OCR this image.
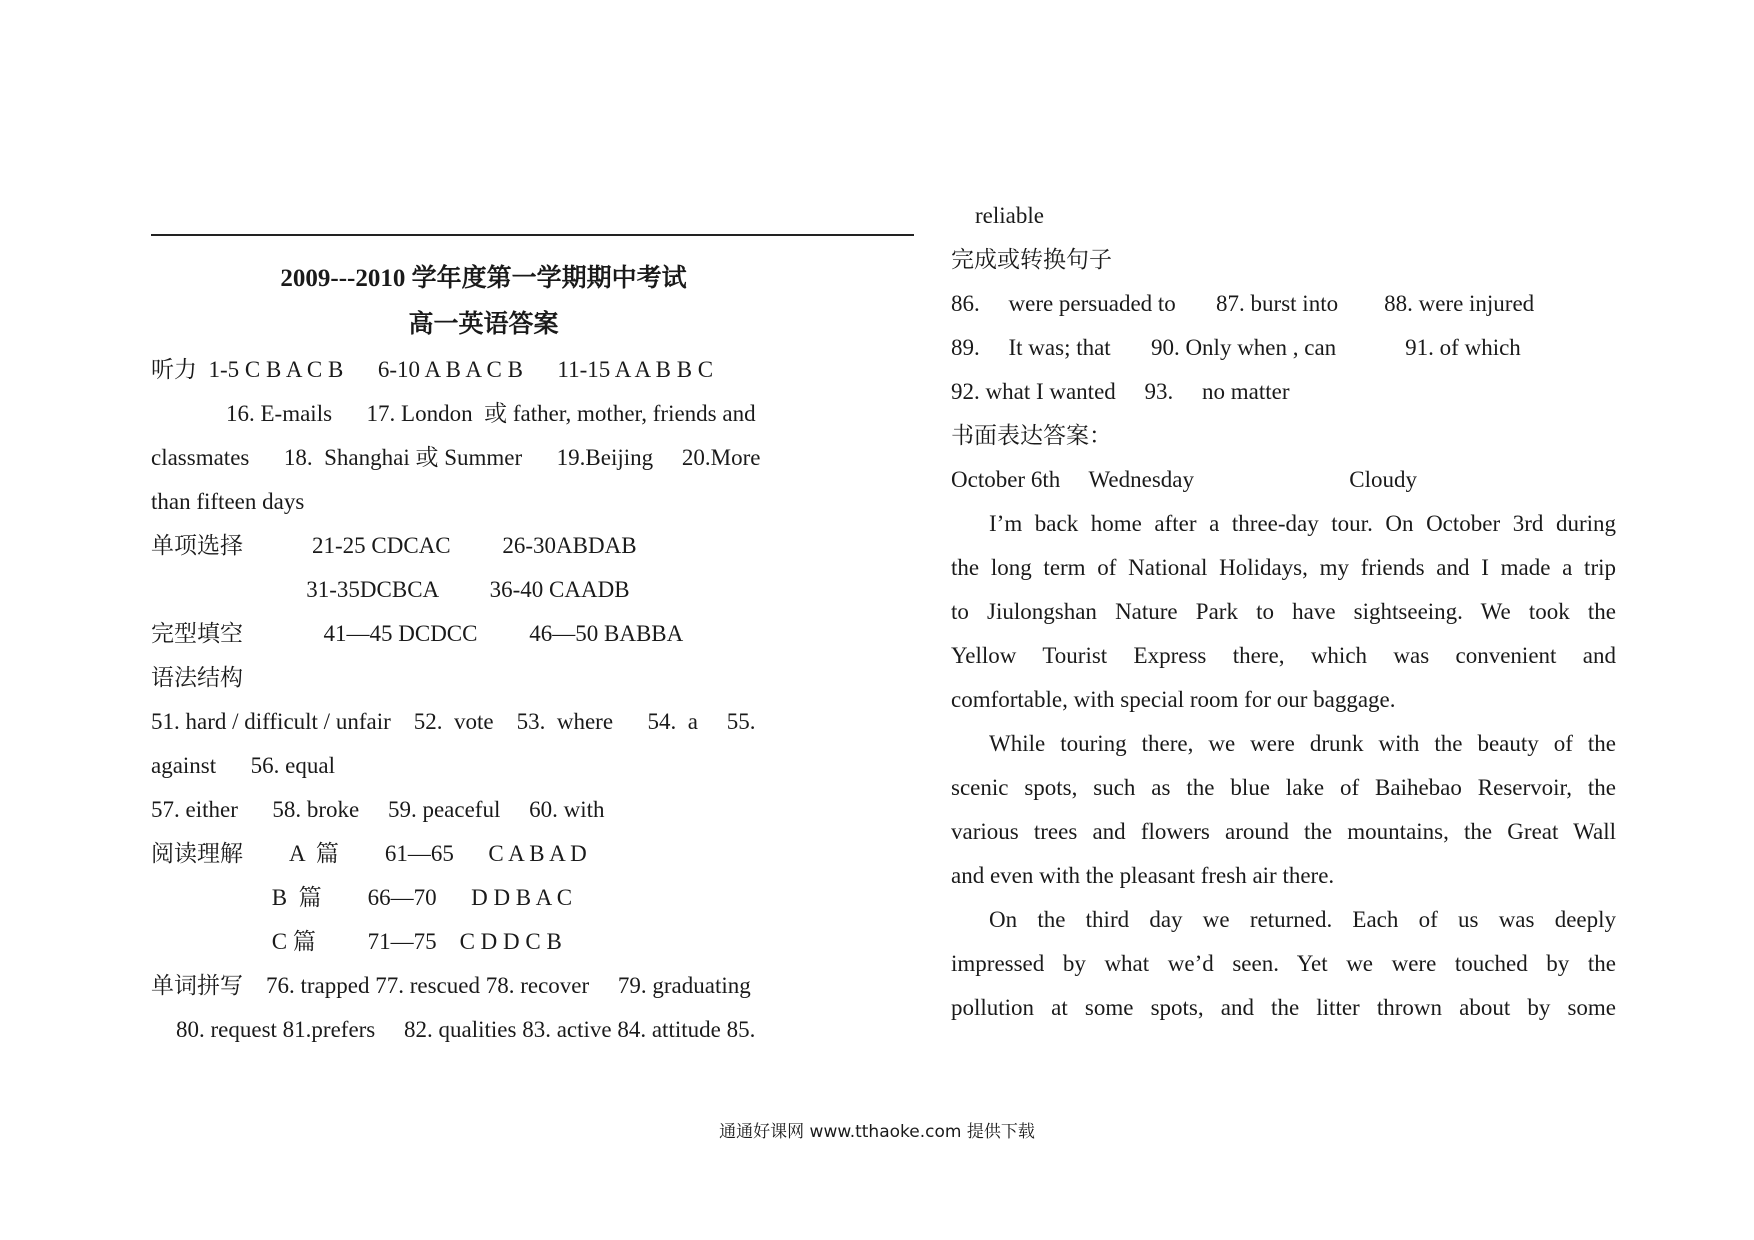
2009---2010 学年度第一学期期中考试
高一英语答案
听力  1-5 C B A C B      6-10 A B A C B      11-15 A A B B C
16. E-mails      17. London  或 father, mother, friends and
classmates      18.  Shanghai 或 Summer      19.Beijing     20.More
than fifteen days
单项选择            21-25 CDCAC         26-30ABDAB
31-35DCBCA         36-40 CAADB
完型填空              41—45 DCDCC         46—50 BABBA
语法结构
51. hard / difficult / unfair    52.  vote    53.  where      54.  a     55.
against      56. equal
57. either      58. broke     59. peaceful     60. with
阅读理解        A  篇        61—65      C A B A D
B  篇        66—70      D D B A C
C 篇         71—75    C D D C B
单词拼写    76. trapped 77. rescued 78. recover     79. graduating
80. request 81.prefers     82. qualities 83. active 84. attitude 85.
reliable
完成或转换句子
86.     were persuaded to       87. burst into        88. were injured
89.     It was; that       90. Only when , can            91. of which
92. what I wanted     93.     no matter
书面表达答案：
October 6th     Wednesday                           Cloudy
I’m back home after a three-day tour. On October 3rd during
the long term of National Holidays, my friends and I made a trip
to Jiulongshan Nature Park to have sightseeing. We took the
Yellow Tourist Express there, which was convenient and
comfortable, with special room for our baggage.
While touring there, we were drunk with the beauty of the
scenic spots, such as the blue lake of Baihebao Reservoir, the
various trees and flowers around the mountains, the Great Wall
and even with the pleasant fresh air there.
On the third day we returned. Each of us was deeply
impressed by what we’d seen. Yet we were touched by the
pollution at some spots, and the litter thrown about by some
通通好课网 www.tthaoke.com 提供下载
